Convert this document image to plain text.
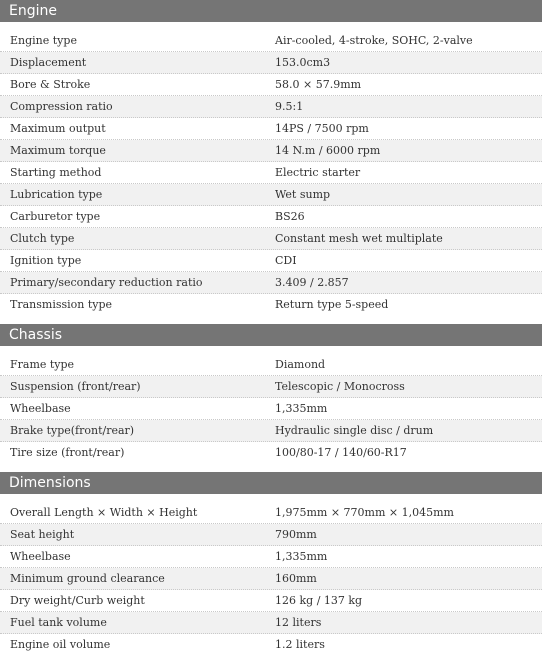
Engine
Engine type	Air-cooled, 4-stroke, SOHC, 2-valve
Displacement	153.0cm3
Bore & Stroke	58.0 × 57.9mm
Compression ratio	9.5:1
Maximum output	14PS / 7500 rpm
Maximum torque	14 N.m / 6000 rpm
Starting method	Electric starter
Lubrication type	Wet sump
Carburetor type	BS26
Clutch type	Constant mesh wet multiplate
Ignition type	CDI
Primary/secondary reduction ratio	3.409 / 2.857
Transmission type	Return type 5-speed
Chassis
Frame type	Diamond
Suspension (front/rear)	Telescopic / Monocross
Wheelbase	1,335mm
Brake type(front/rear)	Hydraulic single disc / drum
Tire size (front/rear)	100/80-17 / 140/60-R17
Dimensions
Overall Length × Width × Height	1,975mm × 770mm × 1,045mm
Seat height	790mm
Wheelbase	1,335mm
Minimum ground clearance	160mm
Dry weight/Curb weight	126 kg / 137 kg
Fuel tank volume	12 liters
Engine oil volume	1.2 liters
